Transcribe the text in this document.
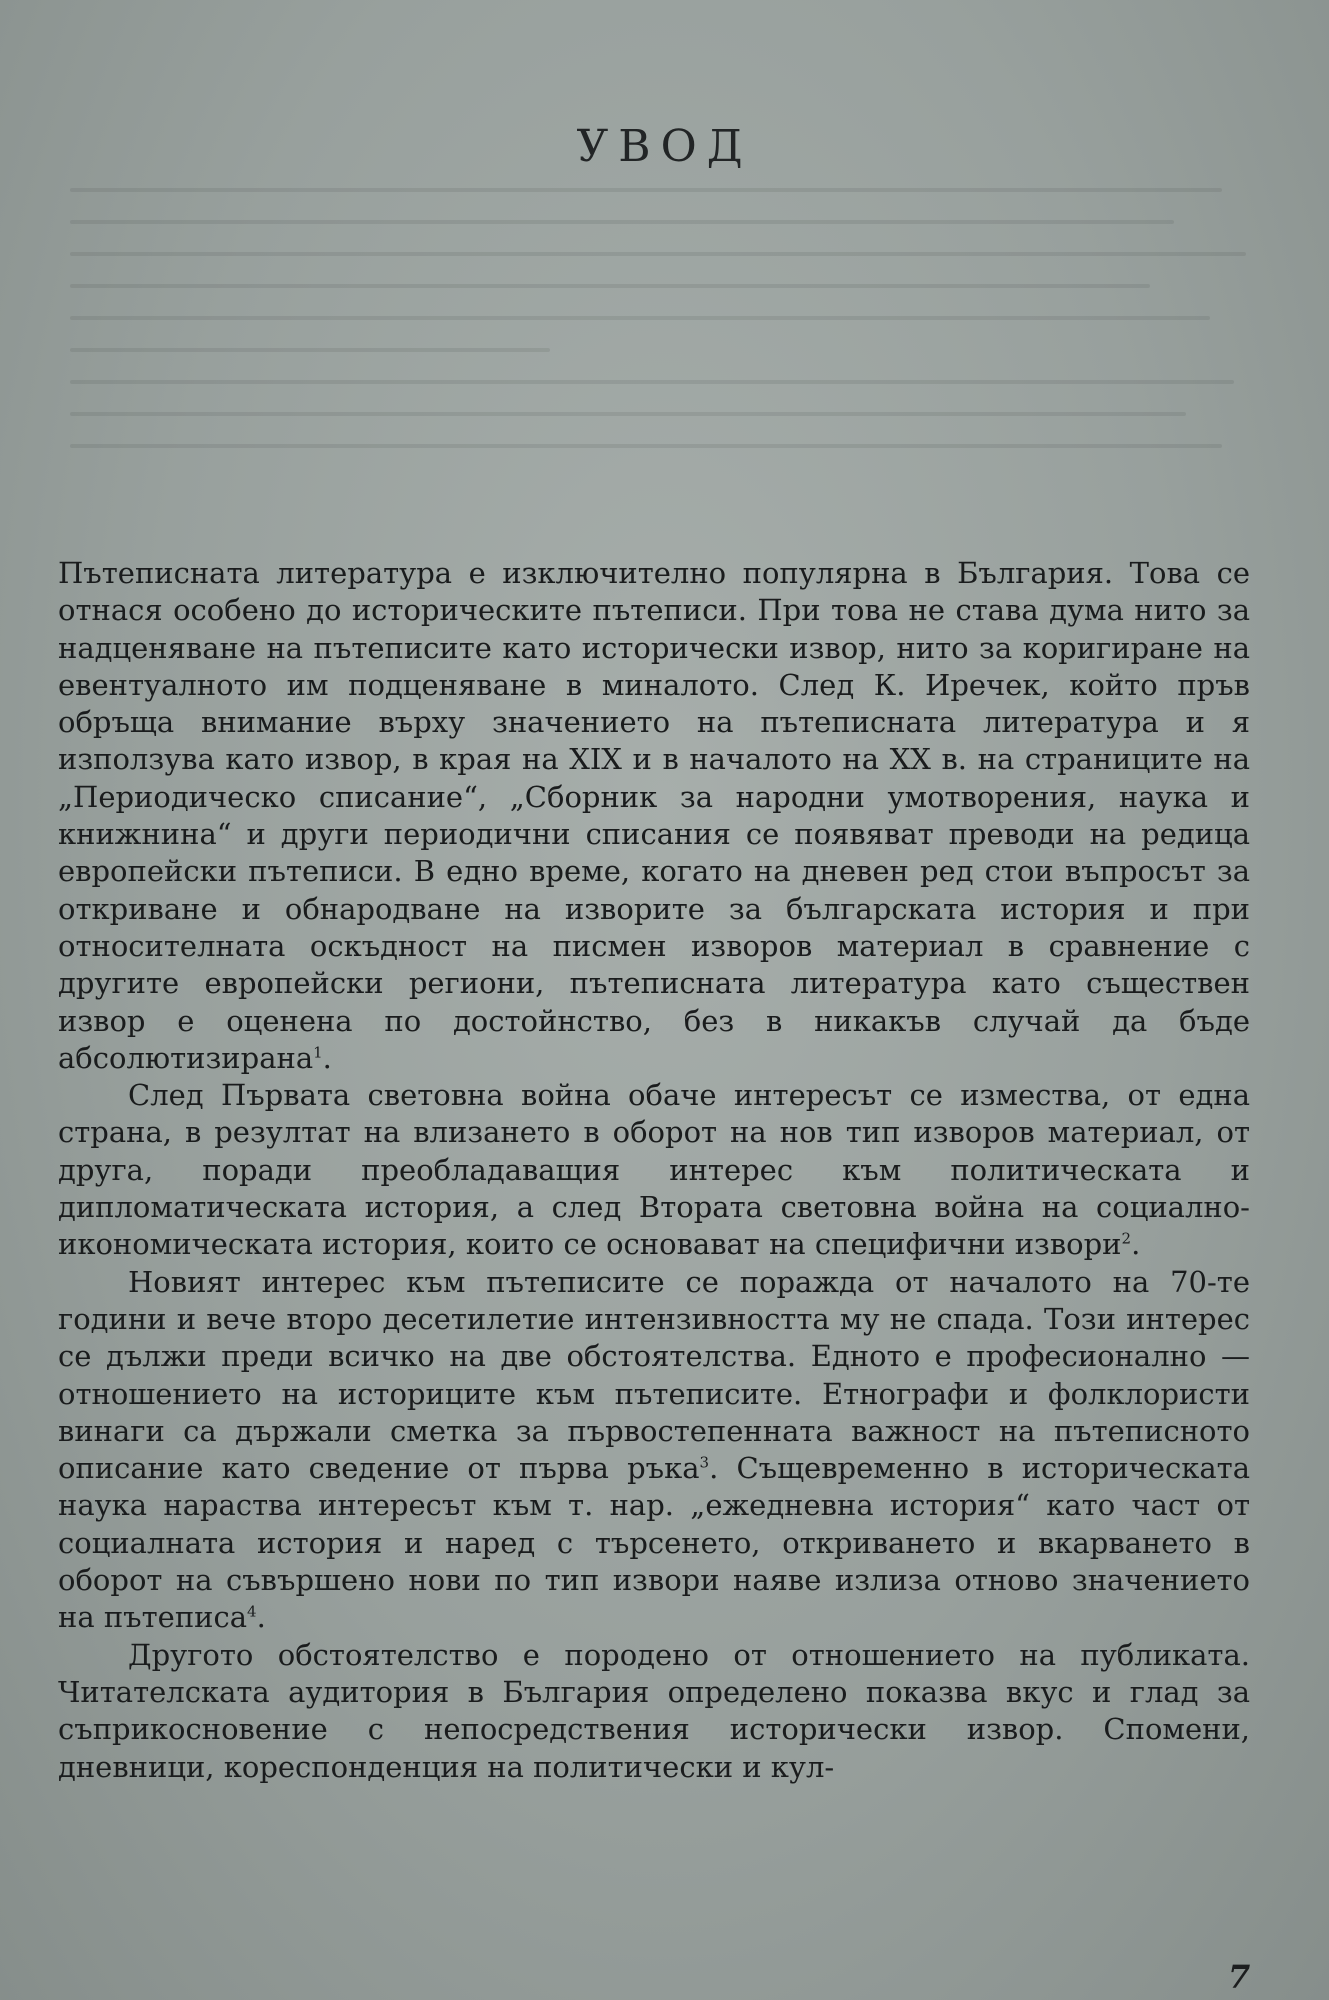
УВОД

Пътеписната литература е изключително популярна в България. Това се отнася особено до историческите пътеписи. При това не става дума нито за надценяване на пътеписите като исторически извор, нито за коригиране на евентуалното им подценяване в миналото. След К. Иречек, който пръв обръща внимание върху значението на пътеписната литература и я използува като извор, в края на XIX и в началото на XX в. на страниците на „Периодическо списание“, „Сборник за народни умотворения, наука и книжнина“ и други периодични списания се появяват преводи на редица европейски пътеписи. В едно време, когато на дневен ред стои въпросът за откриване и обнародване на изворите за българската история и при относителната оскъдност на писмен изворов материал в сравнение с другите европейски региони, пътеписната литература като съществен извор е оценена по достойнство, без в никакъв случай да бъде абсолютизирана$^1$.

След Първата световна война обаче интересът се измества, от една страна, в резултат на влизането в оборот на нов тип изворов материал, от друга, поради преобладаващия интерес към политическата и дипломатическата история, а след Втората световна война на социално-икономическата история, които се основават на специфични извори$^2$.

Новият интерес към пътеписите се поражда от началото на 70-те години и вече второ десетилетие интензивността му не спада. Този интерес се дължи преди всичко на две обстоятелства. Едното е професионално — отношението на историците към пътеписите. Етнографи и фолклористи винаги са държали сметка за първостепенната важност на пътеписното описание като сведение от първа ръка$^3$. Същевременно в историческата наука нараства интересът към т. нар. „ежедневна история“ като част от социалната история и наред с търсенето, откриването и вкарването в оборот на съвършено нови по тип извори наяве излиза отново значението на пътеписа$^4$.

Другото обстоятелство е породено от отношението на публиката. Читателската аудитория в България определено показва вкус и глад за съприкосновение с непосредствения исторически извор. Спомени, дневници, кореспонденция на политически и кул-

7
